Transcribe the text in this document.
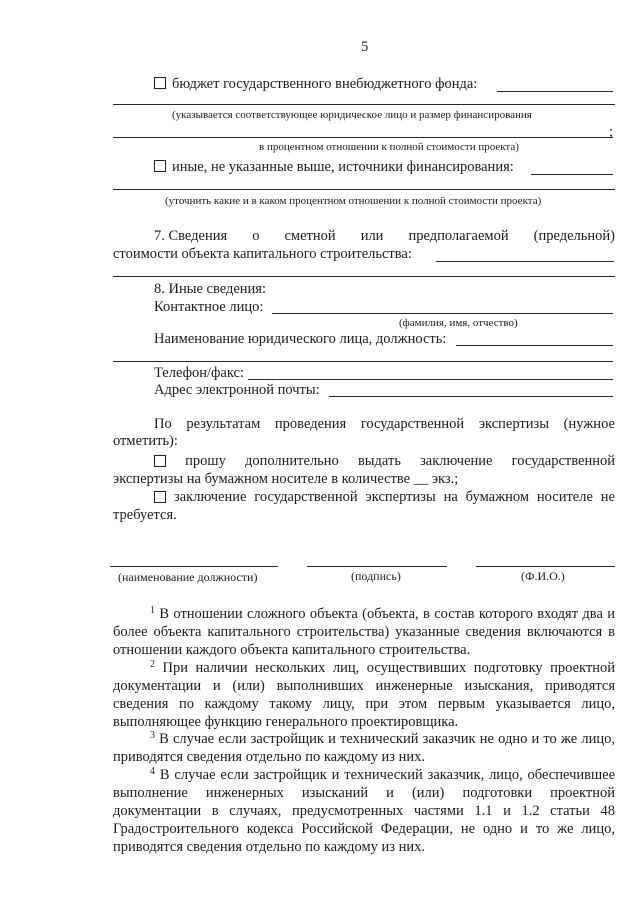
5
бюджет государственного внебюджетного фонда:
(указывается соответствующее юридическое лицо и размер финансирования
;
в процентном отношении к полной стоимости проекта)
иные, не указанные выше, источники финансирования:
(уточнить какие и в каком процентном отношении к полной стоимости проекта)
7. Сведения о сметной или предполагаемой (предельной)
стоимости объекта капитального строительства:
8. Иные сведения:
Контактное лицо:
(фамилия, имя, отчество)
Наименование юридического лица, должность:
Телефон/факс:
Адрес электронной почты:
По результатам проведения государственной экспертизы (нужное
отметить):
прошу дополнительно выдать заключение государственной
экспертизы на бумажном носителе в количестве __ экз.;
заключение государственной экспертизы на бумажном носителе не
требуется.
(наименование должности)	(подпись)	(Ф.И.О.)
$^1$ В отношении сложного объекта (объекта, в состав которого входят два и более объекта капитального строительства) указанные сведения включаются в отношении каждого объекта капитального строительства.
$^2$ При наличии нескольких лиц, осуществивших подготовку проектной документации и (или) выполнивших инженерные изыскания, приводятся сведения по каждому такому лицу, при этом первым указывается лицо, выполняющее функцию генерального проектировщика.
$^3$ В случае если застройщик и технический заказчик не одно и то же лицо, приводятся сведения отдельно по каждому из них.
$^4$ В случае если застройщик и технический заказчик, лицо, обеспечившее выполнение инженерных изысканий и (или) подготовки проектной документации в случаях, предусмотренных частями 1.1 и 1.2 статьи 48 Градостроительного кодекса Российской Федерации, не одно и то же лицо, приводятся сведения отдельно по каждому из них.
